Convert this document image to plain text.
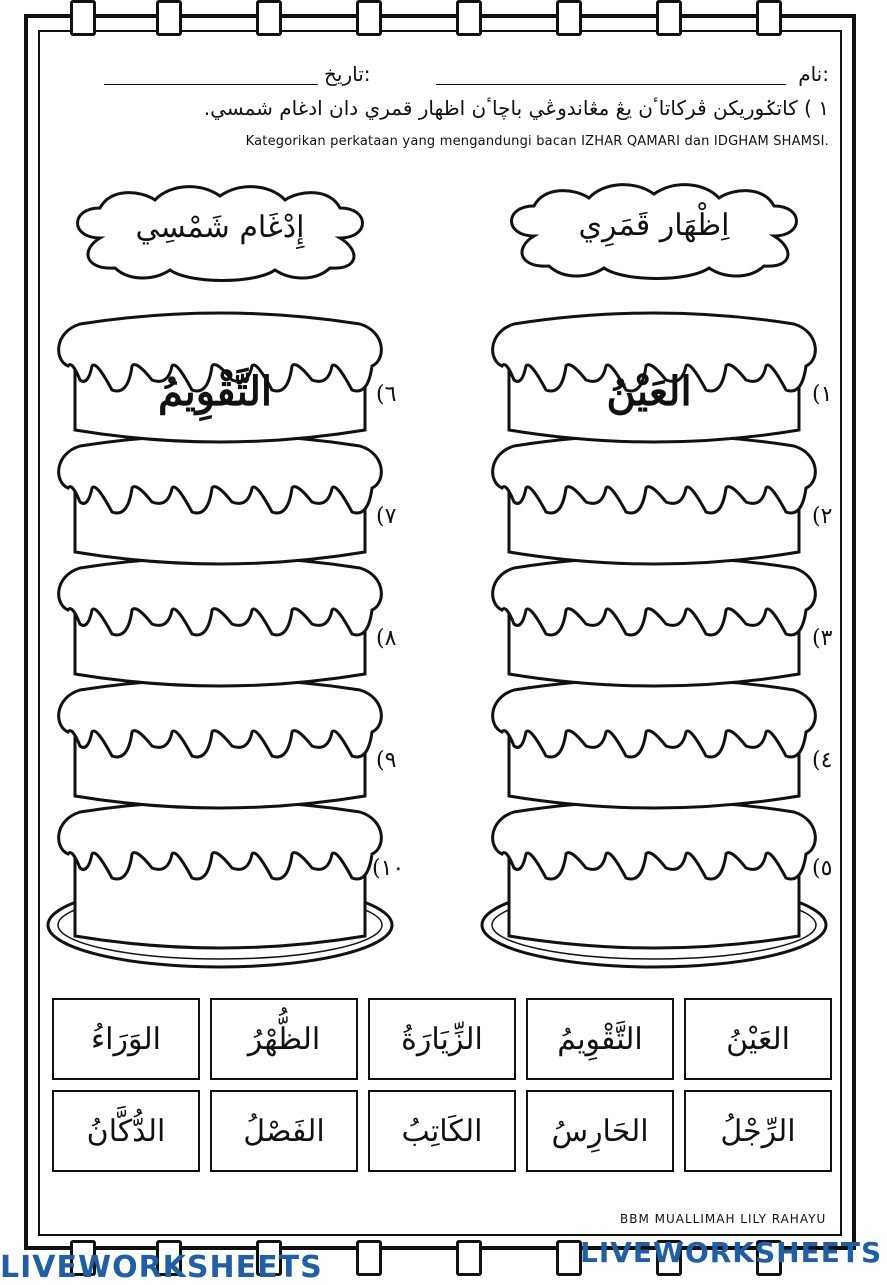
نام:
تاريخ:
١ ) كاتݢوريكن ڤركاتاٴن يڠ مڠاندوڠي باچاٴن اظهار قمري دان ادغام شمسي.
Kategorikan perkataan yang mengandungi bacan IZHAR QAMARI dan IDGHAM SHAMSI.
إِدْغَام شَمْسِي	اِظْهَار قَمَرِي
٦)
٧)
٨)
٩)
١٠)
١)
٢)
٣)
٤)
٥)
التَّقْوِيمُ	العَيْنُ
العَيْنُ
التَّقْوِيمُ
الزِّيَارَةُ
الظُّهْرُ
الوَرَاءُ
الرِّجْلُ
الحَارِسُ
الكَاتِبُ
الفَصْلُ
الدُّكَّانُ
BBM MUALLIMAH LILY RAHAYU
LIVEWORKSHEETS	LIVEWORKSHEETS
